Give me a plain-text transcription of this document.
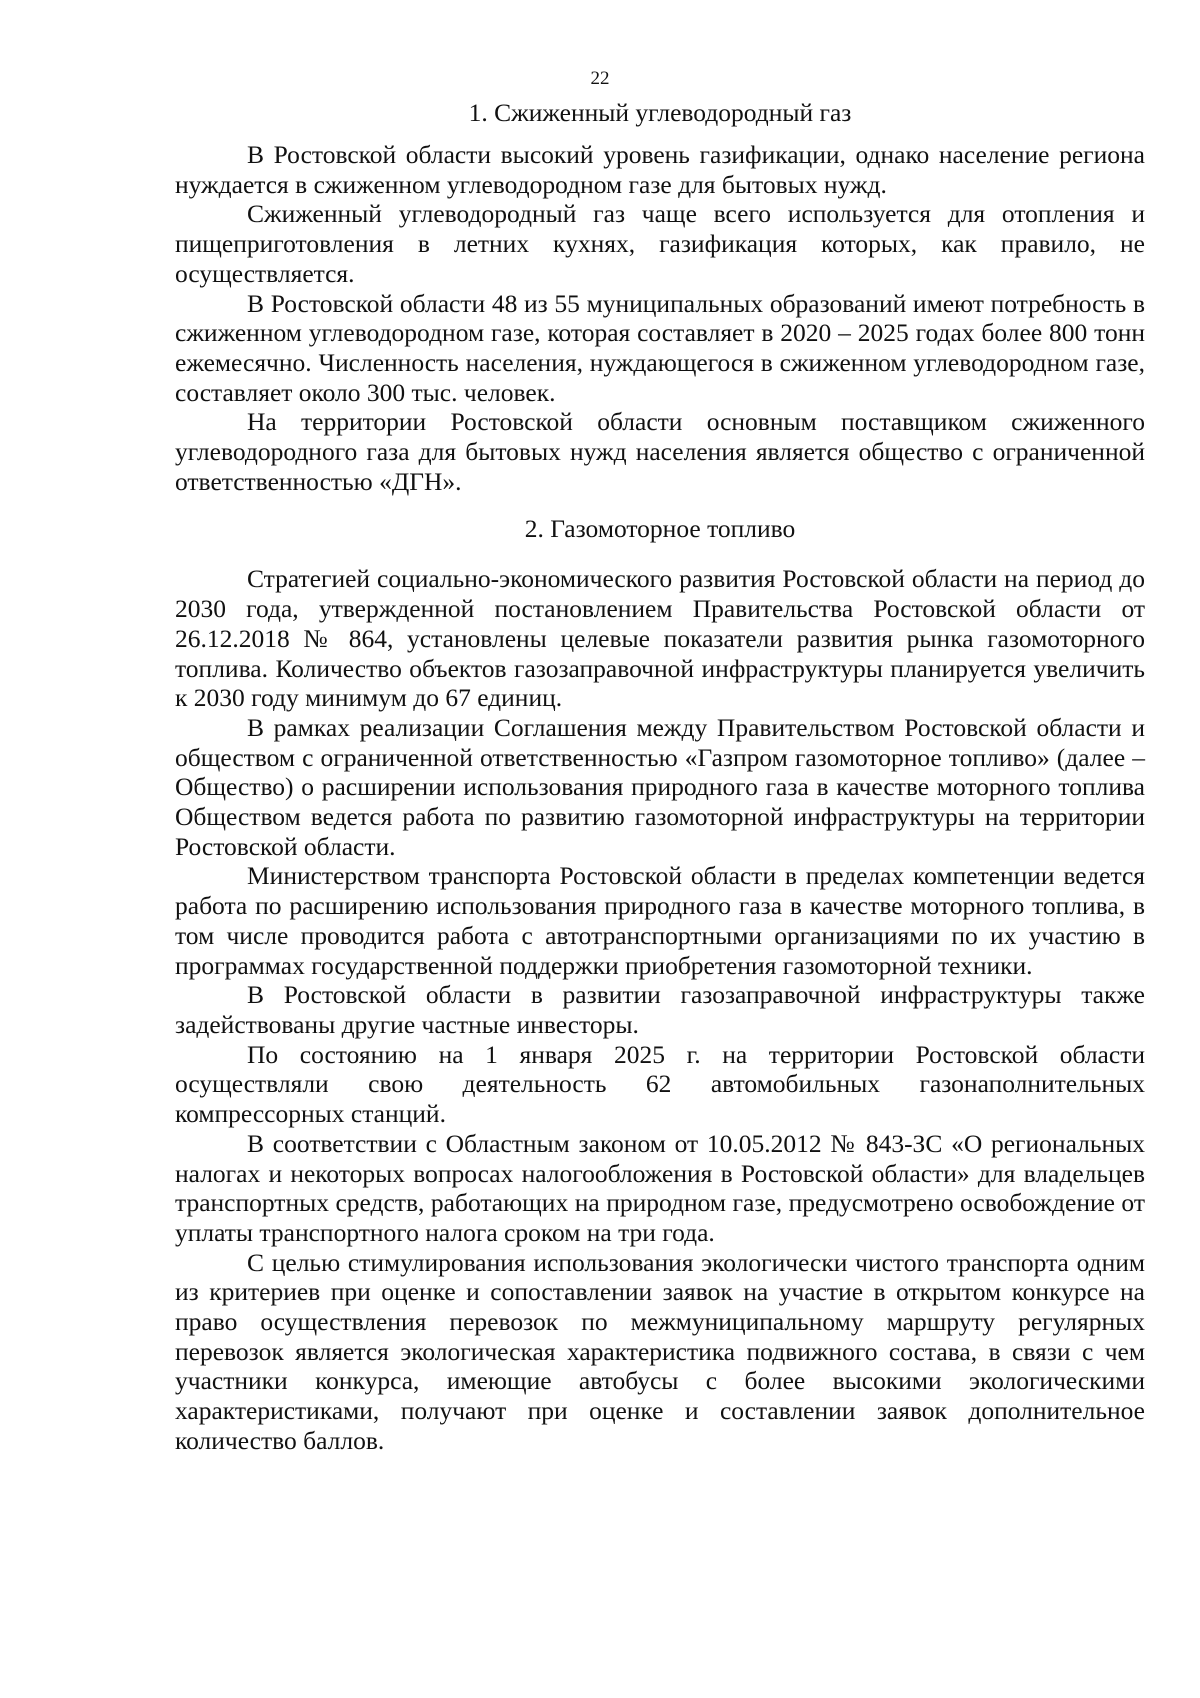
22
1. Сжиженный углеводородный газ

В Ростовской области высокий уровень газификации, однако население региона нуждается в сжиженном углеводородном газе для бытовых нужд.

Сжиженный углеводородный газ чаще всего используется для отопления и пищеприготовления в летних кухнях, газификация которых, как правило, не осуществляется.

В Ростовской области 48 из 55 муниципальных образований имеют потребность в сжиженном углеводородном газе, которая составляет в 2020 – 2025 годах более 800 тонн ежемесячно. Численность населения, нуждающегося в сжиженном углеводородном газе, составляет около 300 тыс. человек.

На территории Ростовской области основным поставщиком сжиженного углеводородного газа для бытовых нужд населения является общество с ограниченной ответственностью «ДГН».

2. Газомоторное топливо

Стратегией социально-экономического развития Ростовской области на период до 2030 года, утвержденной постановлением Правительства Ростовской области от 26.12.2018 № 864, установлены целевые показатели развития рынка газомоторного топлива. Количество объектов газозаправочной инфраструктуры планируется увеличить к 2030 году минимум до 67 единиц.

В рамках реализации Соглашения между Правительством Ростовской области и обществом с ограниченной ответственностью «Газпром газомоторное топливо» (далее – Общество) о расширении использования природного газа в качестве моторного топлива Обществом ведется работа по развитию газомоторной инфраструктуры на территории Ростовской области.

Министерством транспорта Ростовской области в пределах компетенции ведется работа по расширению использования природного газа в качестве моторного топлива, в том числе проводится работа с автотранспортными организациями по их участию в программах государственной поддержки приобретения газомоторной техники.

В Ростовской области в развитии газозаправочной инфраструктуры также задействованы другие частные инвесторы.

По состоянию на 1 января 2025 г. на территории Ростовской области осуществляли свою деятельность 62 автомобильных газонаполнительных компрессорных станций.

В соответствии с Областным законом от 10.05.2012 № 843-ЗС «О региональных налогах и некоторых вопросах налогообложения в Ростовской области» для владельцев транспортных средств, работающих на природном газе, предусмотрено освобождение от уплаты транспортного налога сроком на три года.

С целью стимулирования использования экологически чистого транспорта одним из критериев при оценке и сопоставлении заявок на участие в открытом конкурсе на право осуществления перевозок по межмуниципальному маршруту регулярных перевозок является экологическая характеристика подвижного состава, в связи с чем участники конкурса, имеющие автобусы с более высокими экологическими характеристиками, получают при оценке и составлении заявок дополнительное количество баллов.
